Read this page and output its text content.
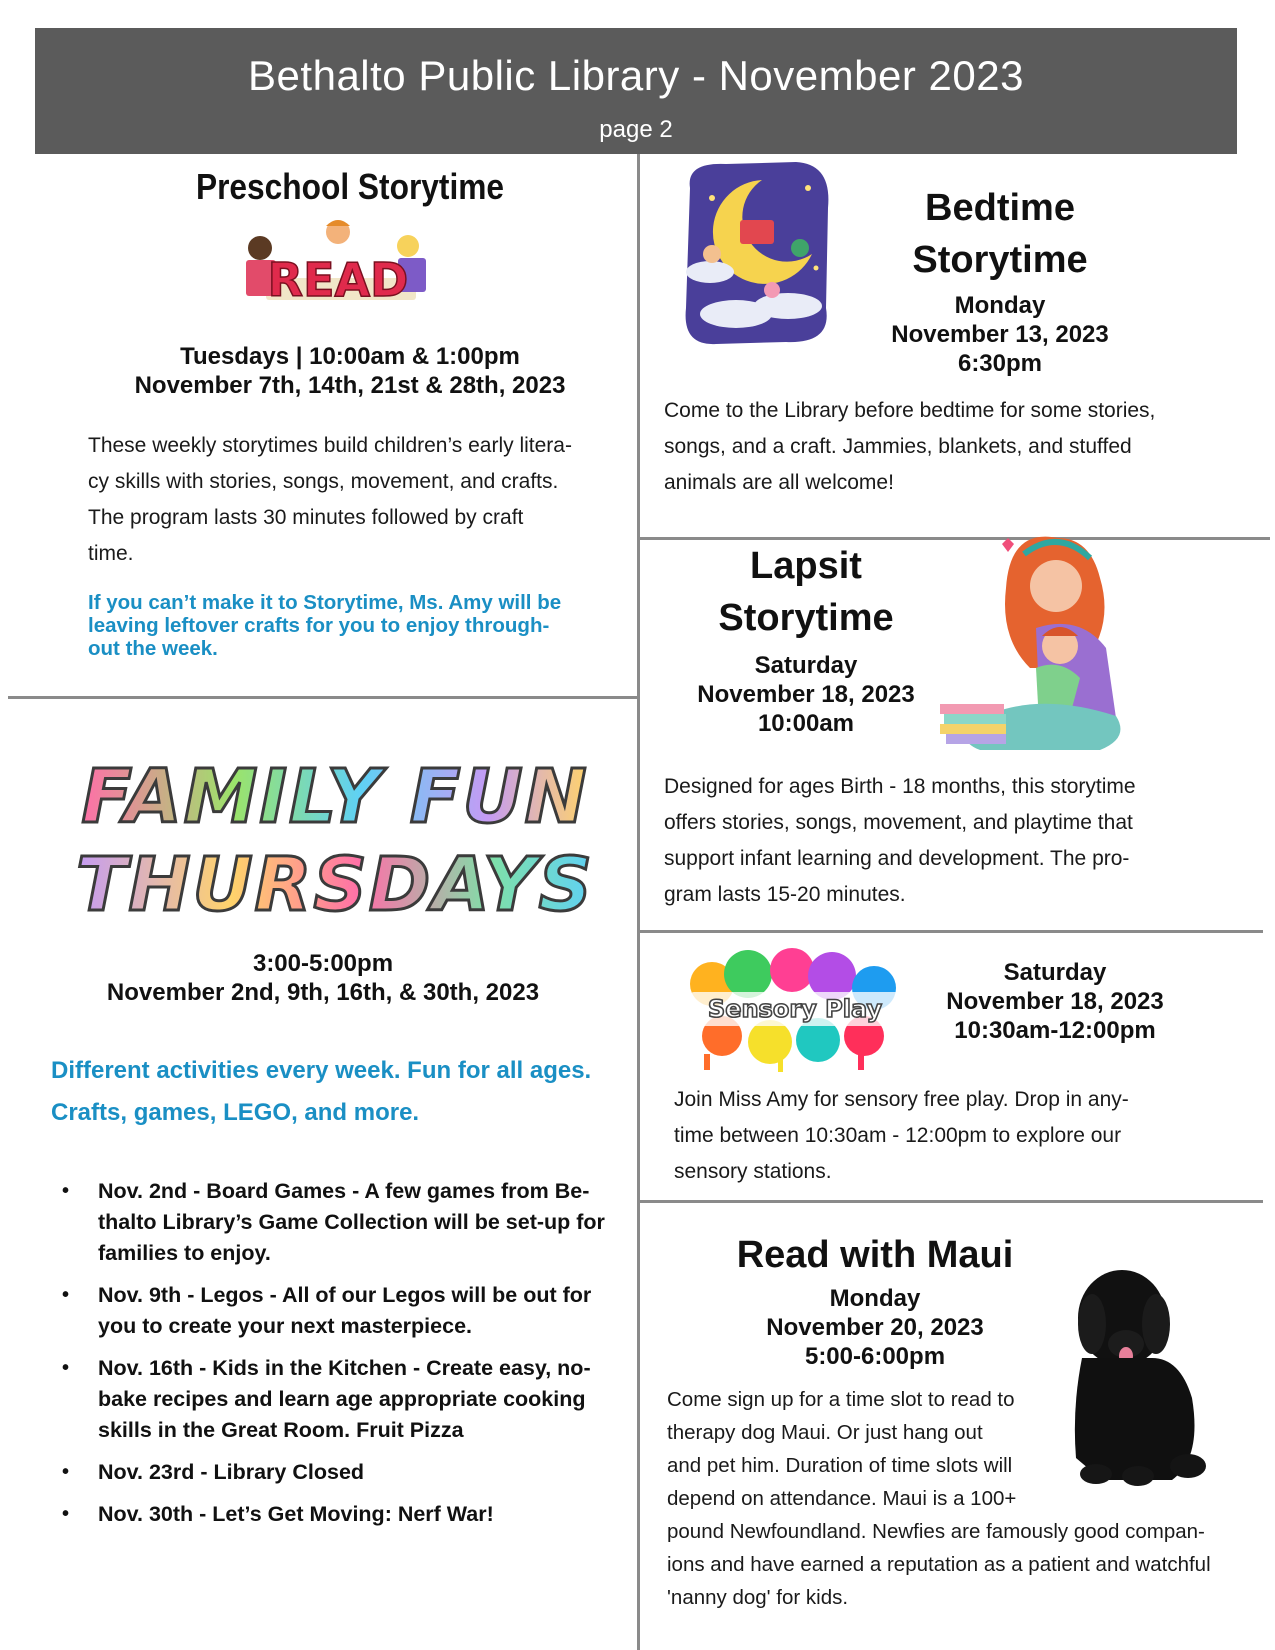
Bethalto Public Library - November 2023
page 2
Preschool Storytime
READ
Tuesdays | 10:00am & 1:00pm
November 7th, 14th, 21st & 28th, 2023
These weekly storytimes build children’s early litera-
cy skills with stories, songs, movement, and crafts.
The program lasts 30 minutes followed by craft
time.
If you can’t make it to Storytime, Ms. Amy will be
leaving leftover crafts for you to enjoy through-
out the week.
FAMILY FUN
THURSDAYS
3:00-5:00pm
November 2nd, 9th, 16th, & 30th, 2023
Different activities every week. Fun for all ages.
Crafts, games, LEGO, and more.
• Nov. 2nd - Board Games - A few games from Be- thalto Library’s Game Collection will be set-up for families to enjoy.
• Nov. 9th - Legos - All of our Legos will be out for you to create your next masterpiece.
• Nov. 16th - Kids in the Kitchen - Create easy, no- bake recipes and learn age appropriate cooking skills in the Great Room. Fruit Pizza
• Nov. 23rd - Library Closed
• Nov. 30th - Let’s Get Moving: Nerf War!
Bedtime
Storytime
Monday
November 13, 2023
6:30pm
Come to the Library before bedtime for some stories,
songs, and a craft. Jammies, blankets, and stuffed
animals are all welcome!
Lapsit
Storytime
Saturday
November 18, 2023
10:00am
Designed for ages Birth - 18 months, this storytime
offers stories, songs, movement, and playtime that
support infant learning and development. The pro-
gram lasts 15-20 minutes.
Sensory Play
Saturday
November 18, 2023
10:30am-12:00pm
Join Miss Amy for sensory free play. Drop in any-
time between 10:30am - 12:00pm to explore our
sensory stations.
Read with Maui
Monday
November 20, 2023
5:00-6:00pm
Come sign up for a time slot to read to
therapy dog Maui. Or just hang out
and pet him. Duration of time slots will
depend on attendance. Maui is a 100+
pound Newfoundland. Newfies are famously good compan-
ions and have earned a reputation as a patient and watchful
'nanny dog' for kids.
